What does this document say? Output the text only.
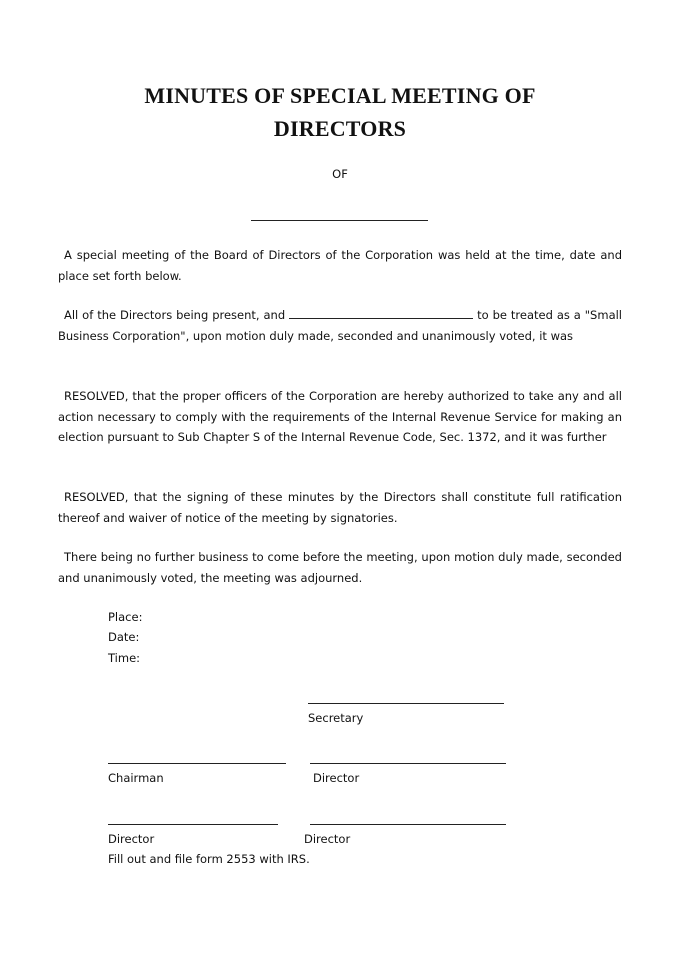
MINUTES OF SPECIAL MEETING OF
DIRECTORS
OF
A special meeting of the Board of Directors of the Corporation was held at the time, date and place set forth below.
All of the Directors being present, and	to be treated as a "Small Business Corporation", upon motion duly made, seconded and unanimously voted, it was
RESOLVED, that the proper officers of the Corporation are hereby authorized to take any and all action necessary to comply with the requirements of the Internal Revenue Service for making an election pursuant to Sub Chapter S of the Internal Revenue Code, Sec. 1372, and it was further
RESOLVED, that the signing of these minutes by the Directors shall constitute full ratification thereof and waiver of notice of the meeting by signatories.
There being no further business to come before the meeting, upon motion duly made, seconded and unanimously voted, the meeting was adjourned.
Place:
Date:
Time:
Secretary
Chairman	Director
Director	Director
Fill out and file form 2553 with IRS.
